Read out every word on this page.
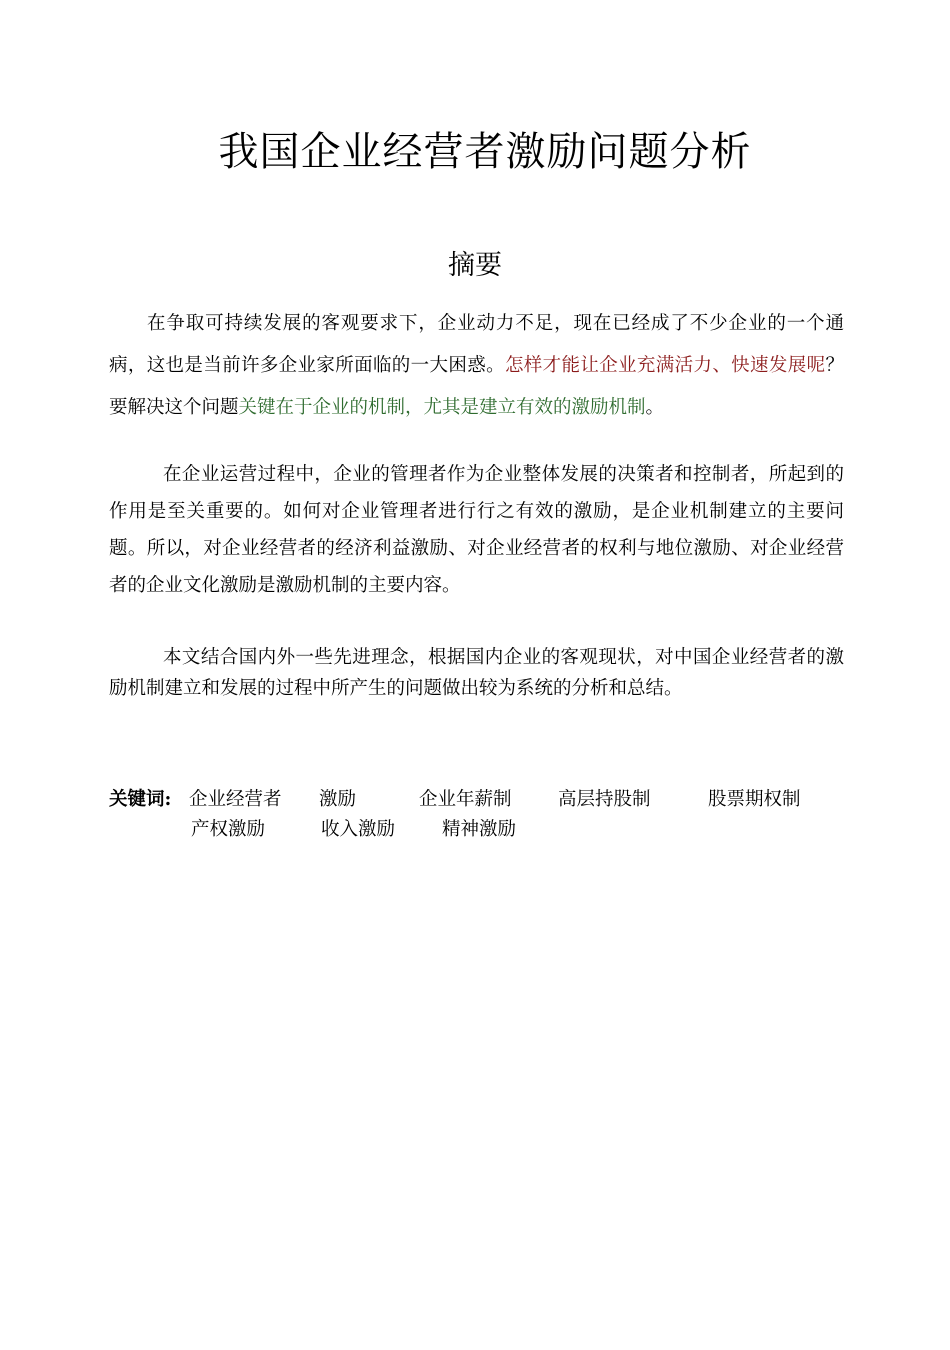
我国企业经营者激励问题分析
摘要

在争取可持续发展的客观要求下，企业动力不足，现在已经成了不少企业的一个通病，这也是当前许多企业家所面临的一大困惑。怎样才能让企业充满活力、快速发展呢？要解决这个问题关键在于企业的机制，尤其是建立有效的激励机制。

在企业运营过程中，企业的管理者作为企业整体发展的决策者和控制者，所起到的作用是至关重要的。如何对企业管理者进行行之有效的激励，是企业机制建立的主要问题。所以，对企业经营者的经济利益激励、对企业经营者的权利与地位激励、对企业经营者的企业文化激励是激励机制的主要内容。

本文结合国内外一些先进理念，根据国内企业的客观现状，对中国企业经营者的激励机制建立和发展的过程中所产生的问题做出较为系统的分析和总结。

关键词: 企业经营者 激励	企业年薪制	高层持股制	股票期权制
产权激励	收入激励	精神激励
